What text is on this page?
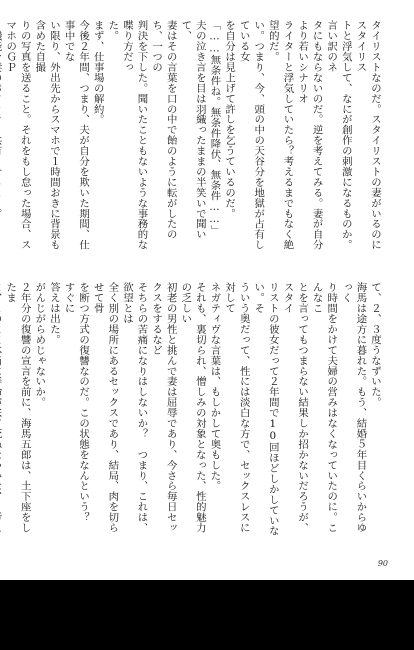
タイリストなのだ。スタイリストの妻がいるのにスタイリス

トと浮気して、なにが創作の刺激になるものか。言い訳のネ

タにもならないのだ。逆を考えてみる。妻が自分より若いシナリオ

ライターと浮気していたら？考えるまでもなく絶望的だ。

い。つまり、今、頭の中の天谷分を地獄が占有している女

を自分は見上げて許しを乞うているのだ。

「……無条件ね。無条件降伏、無条件……」

夫の泣き言を目は羽織ったままの半笑いで聞いて、

妻はその言葉を口の中で飴のように転がしたのち、一つの

判決を下した。聞いたこともないような事務的な喋り方だっ

た。

まず、仕事場の解約。

今後２年間、つまり、夫が自分を欺いた期間、仕事中でな

い限り、外出先からスマホで１時間おきに背景も含めた自撮

りの写真を送ること。それをもし怠った場合、スマホのＧＰ

て、２、３度うなずいた。

海馬は途方に暮れた。もう、結婚５年目くらいからゆっく

り時間をかけて夫婦の営みはなくなっていたのに。こんなこ

とを言ってもつまらない結果しか招かないだろうが、スタイ

リストの彼女だって２年間で10回ほどしかしていない。そ

ういう奥だって、性には淡白な方で、セックスレスに対して

ネガティヴな言葉は、もしかして奥もした。

それも、裏切られ、憎しみの対象となった、性的魅力の乏しい

初老の男性と挑んで妻は屈辱であり、今さら毎日セックスをするなど

そちらの苦痛になりはしないか？　つまり、これは、欲望とは

全く別の場所にあるセックスであり、結局、肉を切らせて骨

を断つ方式の復讐なのだ。この状態をなんという？　すぐに

答えは出た。

がんじがらめじゃないか。

２年分の復讐の宣言を前に、海馬五郎は、土下座をしたま

90
